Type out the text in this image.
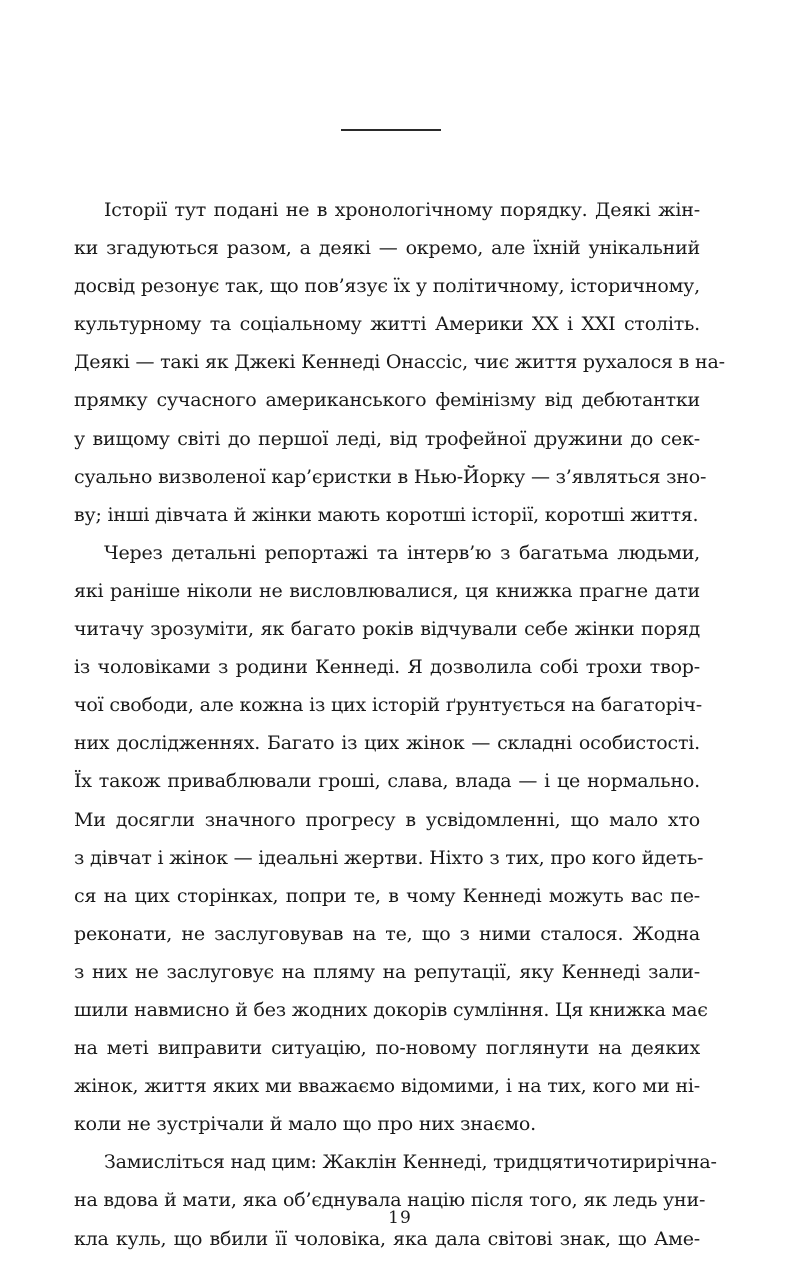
Історії тут подані не в хронологічному порядку. Деякі жін-
ки згадуються разом, а деякі — окремо, але їхній унікальний
досвід резонує так, що пов’язує їх у політичному, історичному,
культурному та соціальному житті Америки XX і XXI століть.
Деякі — такі як Джекі Кеннеді Онассіс, чиє життя рухалося в на-
прямку сучасного американського фемінізму від дебютантки
у вищому світі до першої леді, від трофейної дружини до сек-
суально визволеної кар’єристки в Нью-Йорку — з’являться зно-
ву; інші дівчата й жінки мають коротші історії, коротші життя.
Через детальні репортажі та інтерв’ю з багатьма людьми,
які раніше ніколи не висловлювалися, ця книжка прагне дати
читачу зрозуміти, як багато років відчували себе жінки поряд
із чоловіками з родини Кеннеді. Я дозволила собі трохи твор-
чої свободи, але кожна із цих історій ґрунтується на багаторіч-
них дослідженнях. Багато із цих жінок — складні особистості.
Їх також приваблювали гроші, слава, влада — і це нормально.
Ми досягли значного прогресу в усвідомленні, що мало хто
з дівчат і жінок — ідеальні жертви. Ніхто з тих, про кого йдеть-
ся на цих сторінках, попри те, в чому Кеннеді можуть вас пе-
реконати, не заслуговував на те, що з ними сталося. Жодна
з них не заслуговує на пляму на репутації, яку Кеннеді зали-
шили навмисно й без жодних докорів сумління. Ця книжка має
на меті виправити ситуацію, по-новому поглянути на деяких
жінок, життя яких ми вважаємо відомими, і на тих, кого ми ні-
коли не зустрічали й мало що про них знаємо.
Замисліться над цим: Жаклін Кеннеді, тридцятичотирирічна-
на вдова й мати, яка об’єднувала націю після того, як ледь уни-
кла куль, що вбили її чоловіка, яка дала світові знак, що Аме-
19
